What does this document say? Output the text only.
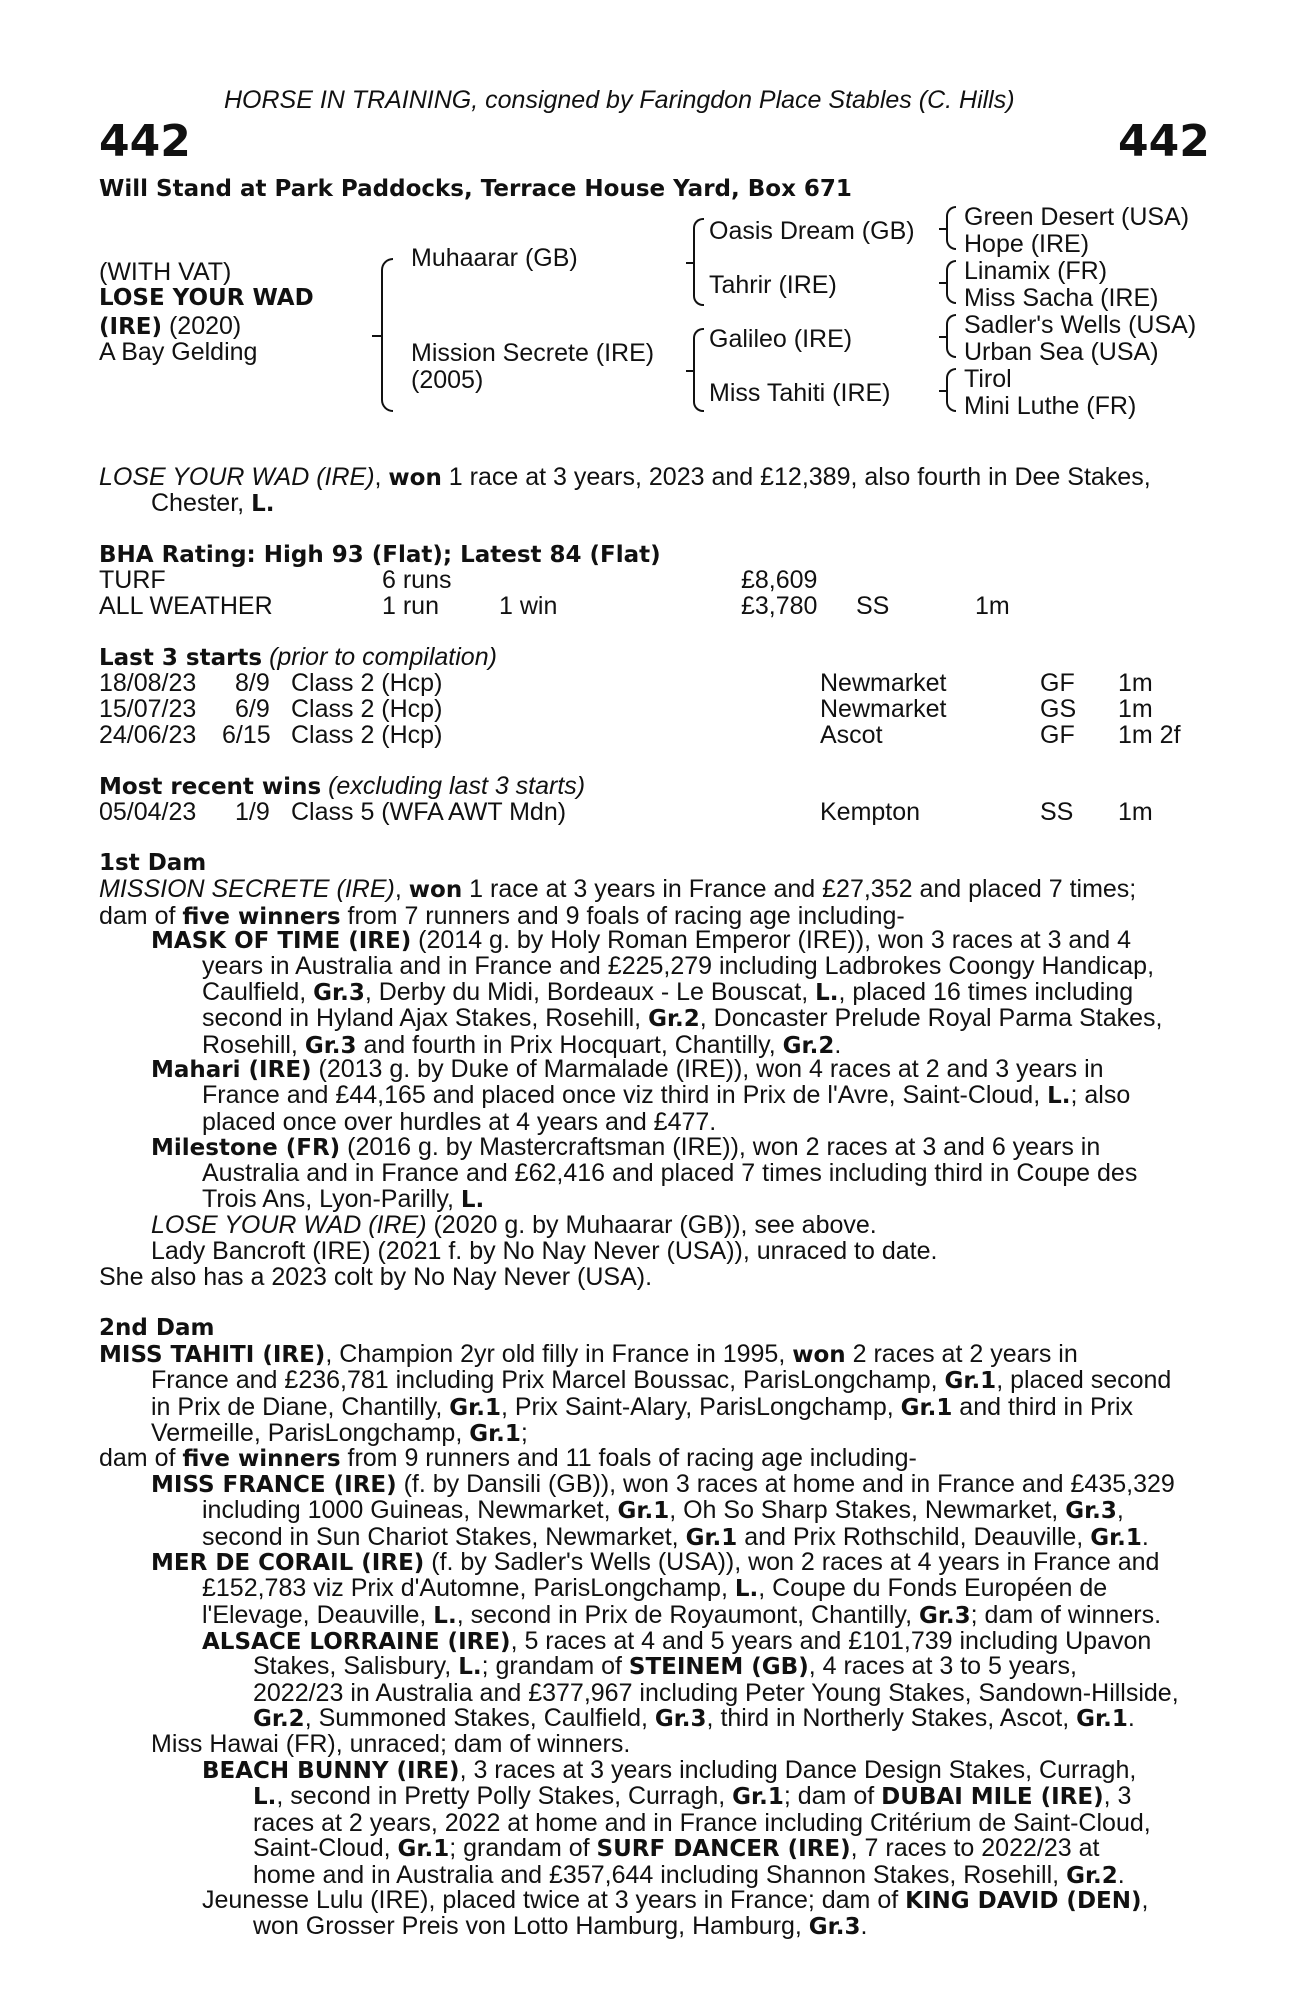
HORSE IN TRAINING, consigned by Faringdon Place Stables (C. Hills)
442	442
Will Stand at Park Paddocks, Terrace House Yard, Box 671
(WITH VAT)
LOSE YOUR WAD
(IRE) (2020)
A Bay Gelding
Muhaarar (GB)
Mission Secrete (IRE)
(2005)
Oasis Dream (GB)
Tahrir (IRE)
Galileo (IRE)
Miss Tahiti (IRE)
Green Desert (USA)
Hope (IRE)
Linamix (FR)
Miss Sacha (IRE)
Sadler's Wells (USA)
Urban Sea (USA)
Tirol
Mini Luthe (FR)
LOSE YOUR WAD (IRE), won 1 race at 3 years, 2023 and £12,389, also fourth in Dee Stakes,
Chester, L.
BHA Rating: High 93 (Flat); Latest 84 (Flat)
TURF	6 runs	£8,609
ALL WEATHER	1 run 1 win	£3,780 SS	1m
Last 3 starts (prior to compilation)
18/08/23 8/9 Class 2 (Hcp)	Newmarket	GF 1m
15/07/23 6/9 Class 2 (Hcp)	Newmarket	GS 1m
24/06/23 6/15 Class 2 (Hcp)	Ascot	GF 1m 2f
Most recent wins (excluding last 3 starts)
05/04/23 1/9 Class 5 (WFA AWT Mdn)	Kempton	SS 1m
1st Dam
MISSION SECRETE (IRE), won 1 race at 3 years in France and £27,352 and placed 7 times;
dam of five winners from 7 runners and 9 foals of racing age including-
MASK OF TIME (IRE) (2014 g. by Holy Roman Emperor (IRE)), won 3 races at 3 and 4
years in Australia and in France and £225,279 including Ladbrokes Coongy Handicap,
Caulfield, Gr.3, Derby du Midi, Bordeaux - Le Bouscat, L., placed 16 times including
second in Hyland Ajax Stakes, Rosehill, Gr.2, Doncaster Prelude Royal Parma Stakes,
Rosehill, Gr.3 and fourth in Prix Hocquart, Chantilly, Gr.2.
Mahari (IRE) (2013 g. by Duke of Marmalade (IRE)), won 4 races at 2 and 3 years in
France and £44,165 and placed once viz third in Prix de l'Avre, Saint-Cloud, L.; also
placed once over hurdles at 4 years and £477.
Milestone (FR) (2016 g. by Mastercraftsman (IRE)), won 2 races at 3 and 6 years in
Australia and in France and £62,416 and placed 7 times including third in Coupe des
Trois Ans, Lyon-Parilly, L.
LOSE YOUR WAD (IRE) (2020 g. by Muhaarar (GB)), see above.
Lady Bancroft (IRE) (2021 f. by No Nay Never (USA)), unraced to date.
She also has a 2023 colt by No Nay Never (USA).
2nd Dam
MISS TAHITI (IRE), Champion 2yr old filly in France in 1995, won 2 races at 2 years in
France and £236,781 including Prix Marcel Boussac, ParisLongchamp, Gr.1, placed second
in Prix de Diane, Chantilly, Gr.1, Prix Saint-Alary, ParisLongchamp, Gr.1 and third in Prix
Vermeille, ParisLongchamp, Gr.1;
dam of five winners from 9 runners and 11 foals of racing age including-
MISS FRANCE (IRE) (f. by Dansili (GB)), won 3 races at home and in France and £435,329
including 1000 Guineas, Newmarket, Gr.1, Oh So Sharp Stakes, Newmarket, Gr.3,
second in Sun Chariot Stakes, Newmarket, Gr.1 and Prix Rothschild, Deauville, Gr.1.
MER DE CORAIL (IRE) (f. by Sadler's Wells (USA)), won 2 races at 4 years in France and
£152,783 viz Prix d'Automne, ParisLongchamp, L., Coupe du Fonds Européen de
l'Elevage, Deauville, L., second in Prix de Royaumont, Chantilly, Gr.3; dam of winners.
ALSACE LORRAINE (IRE), 5 races at 4 and 5 years and £101,739 including Upavon
Stakes, Salisbury, L.; grandam of STEINEM (GB), 4 races at 3 to 5 years,
2022/23 in Australia and £377,967 including Peter Young Stakes, Sandown-Hillside,
Gr.2, Summoned Stakes, Caulfield, Gr.3, third in Northerly Stakes, Ascot, Gr.1.
Miss Hawai (FR), unraced; dam of winners.
BEACH BUNNY (IRE), 3 races at 3 years including Dance Design Stakes, Curragh,
L., second in Pretty Polly Stakes, Curragh, Gr.1; dam of DUBAI MILE (IRE), 3
races at 2 years, 2022 at home and in France including Critérium de Saint-Cloud,
Saint-Cloud, Gr.1; grandam of SURF DANCER (IRE), 7 races to 2022/23 at
home and in Australia and £357,644 including Shannon Stakes, Rosehill, Gr.2.
Jeunesse Lulu (IRE), placed twice at 3 years in France; dam of KING DAVID (DEN),
won Grosser Preis von Lotto Hamburg, Hamburg, Gr.3.
